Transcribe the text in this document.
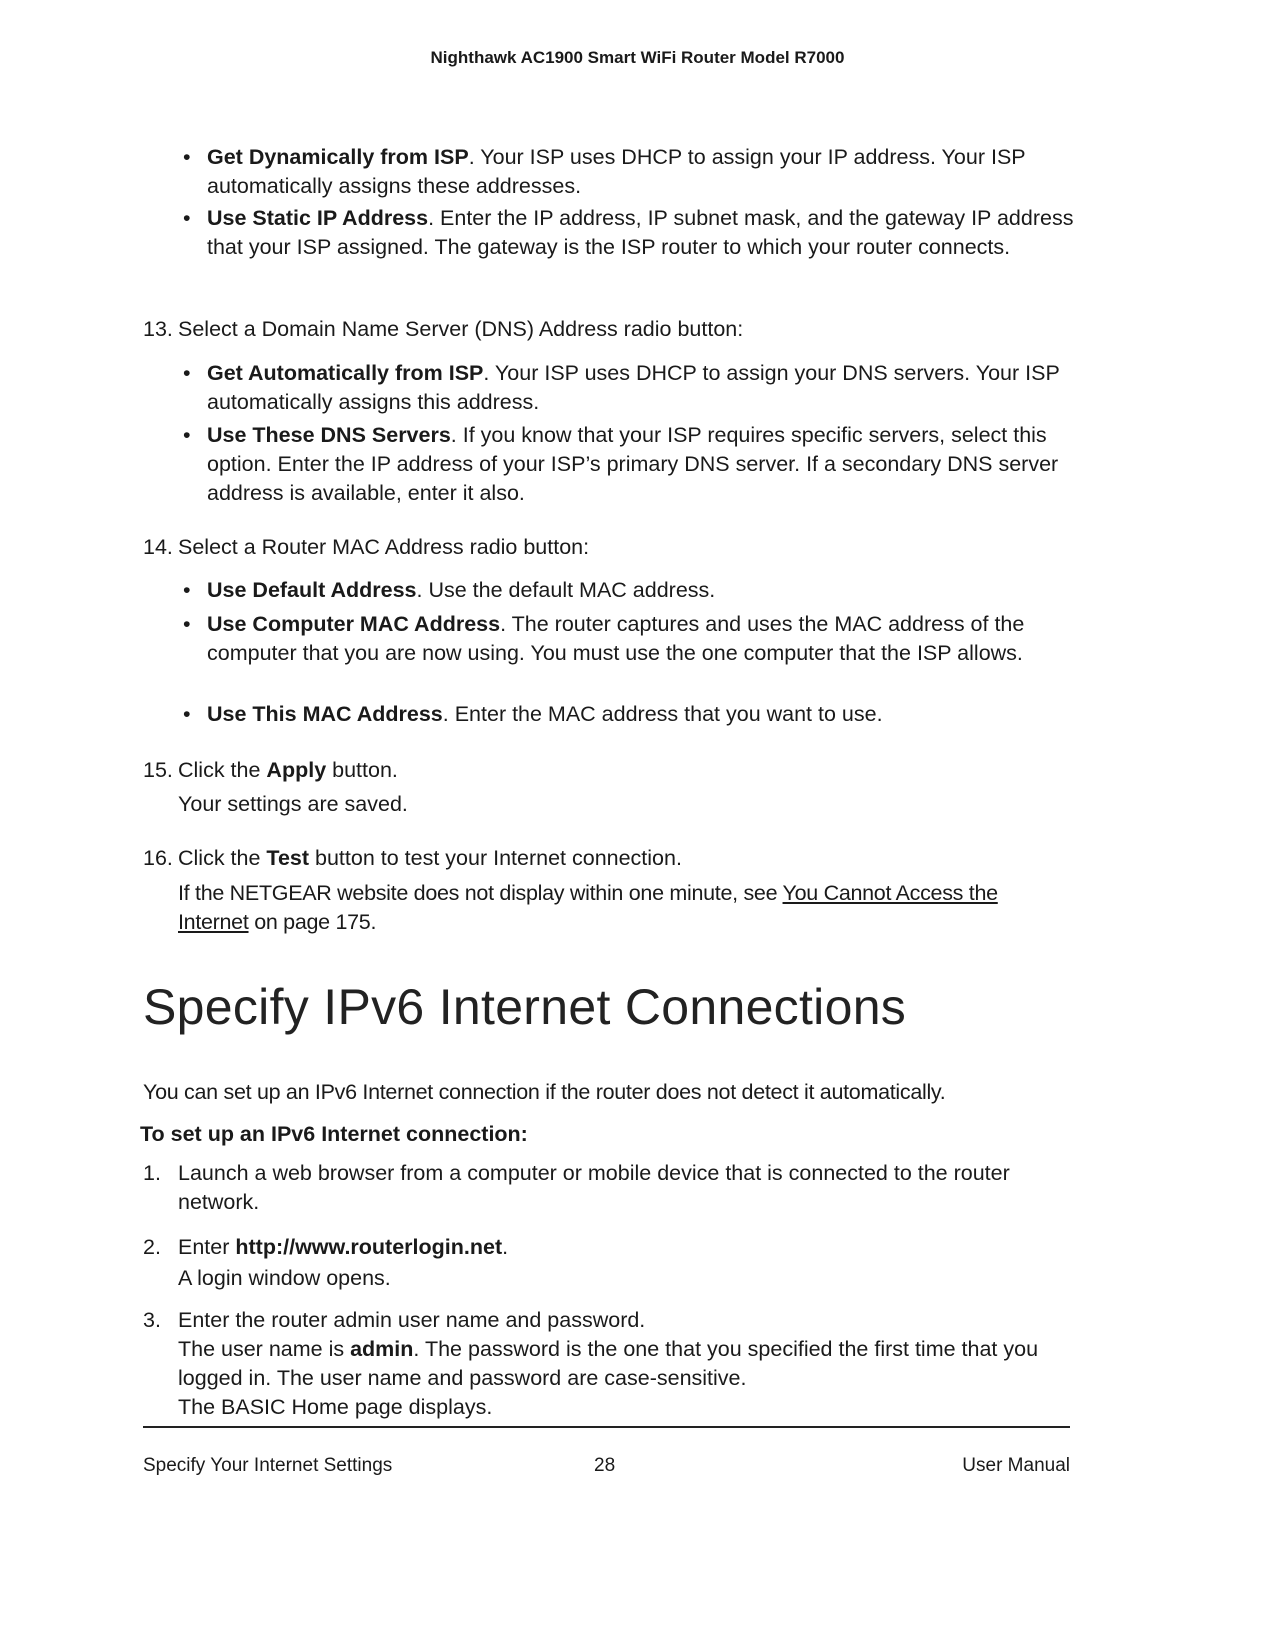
Nighthawk AC1900 Smart WiFi Router Model R7000
• Get Dynamically from ISP. Your ISP uses DHCP to assign your IP address. Your ISP automatically assigns these addresses.
• Use Static IP Address. Enter the IP address, IP subnet mask, and the gateway IP address that your ISP assigned. The gateway is the ISP router to which your router connects.
13. Select a Domain Name Server (DNS) Address radio button:
• Get Automatically from ISP. Your ISP uses DHCP to assign your DNS servers. Your ISP automatically assigns this address.
• Use These DNS Servers. If you know that your ISP requires specific servers, select this option. Enter the IP address of your ISP’s primary DNS server. If a secondary DNS server address is available, enter it also.
14. Select a Router MAC Address radio button:
• Use Default Address. Use the default MAC address.
• Use Computer MAC Address. The router captures and uses the MAC address of the computer that you are now using. You must use the one computer that the ISP allows.
• Use This MAC Address. Enter the MAC address that you want to use.
15. Click the Apply button.
Your settings are saved.
16. Click the Test button to test your Internet connection.
If the NETGEAR website does not display within one minute, see You Cannot Access the Internet on page 175.
Specify IPv6 Internet Connections
You can set up an IPv6 Internet connection if the router does not detect it automatically.
To set up an IPv6 Internet connection:
1. Launch a web browser from a computer or mobile device that is connected to the router network.
2. Enter http://www.routerlogin.net.
A login window opens.
3. Enter the router admin user name and password.
The user name is admin. The password is the one that you specified the first time that you logged in. The user name and password are case-sensitive.
The BASIC Home page displays.
Specify Your Internet Settings	28	User Manual
